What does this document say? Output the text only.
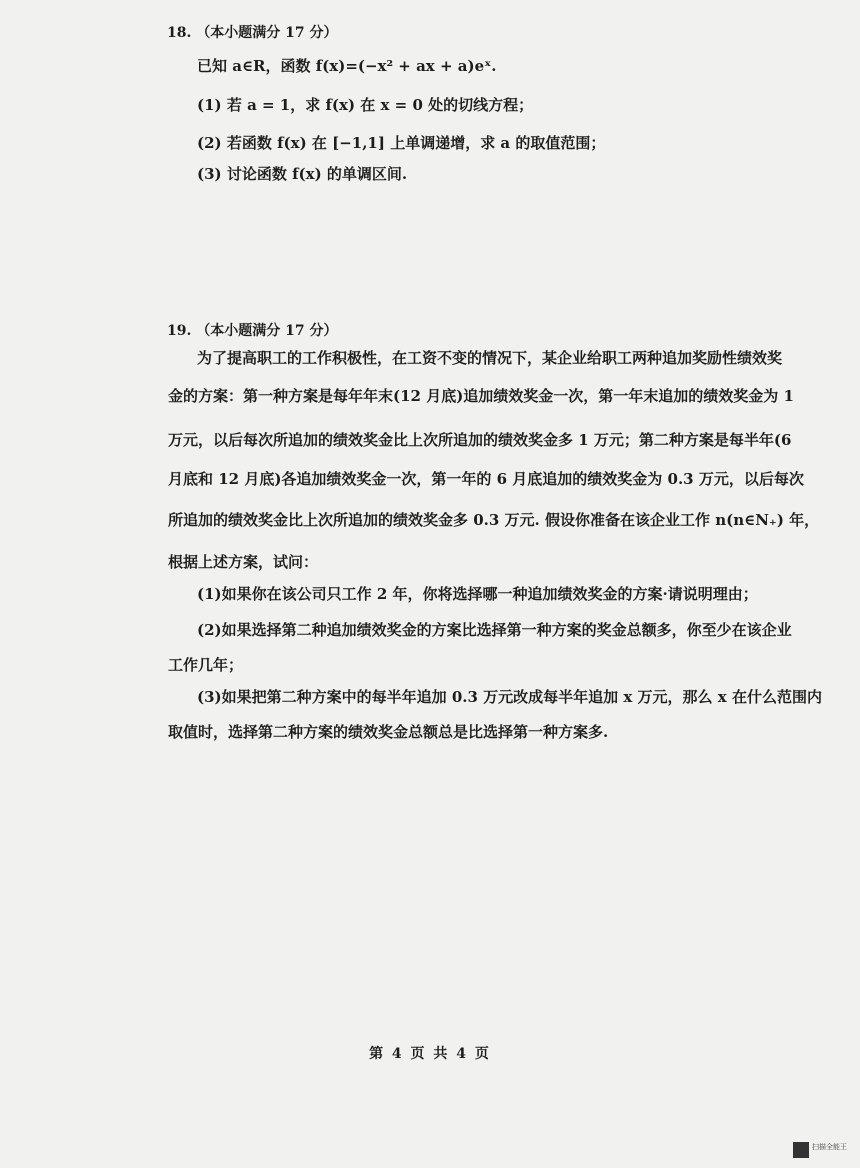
18. （本小题满分 17 分）
已知 a∈R，函数 f(x)=(−x² + ax + a)eˣ.
(1) 若 a = 1，求 f(x) 在 x = 0 处的切线方程；
(2) 若函数 f(x) 在 [−1,1] 上单调递增，求 a 的取值范围；
(3) 讨论函数 f(x) 的单调区间.
19. （本小题满分 17 分）
为了提高职工的工作积极性，在工资不变的情况下，某企业给职工两种追加奖励性绩效奖
金的方案：第一种方案是每年年末(12 月底)追加绩效奖金一次，第一年末追加的绩效奖金为 1
万元，以后每次所追加的绩效奖金比上次所追加的绩效奖金多 1 万元；第二种方案是每半年(6
月底和 12 月底)各追加绩效奖金一次，第一年的 6 月底追加的绩效奖金为 0.3 万元，以后每次
所追加的绩效奖金比上次所追加的绩效奖金多 0.3 万元. 假设你准备在该企业工作 n(n∈N₊) 年，
根据上述方案，试问：
(1)如果你在该公司只工作 2 年，你将选择哪一种追加绩效奖金的方案·请说明理由；
(2)如果选择第二种追加绩效奖金的方案比选择第一种方案的奖金总额多，你至少在该企业
工作几年；
(3)如果把第二种方案中的每半年追加 0.3 万元改成每半年追加 x 万元，那么 x 在什么范围内
取值时，选择第二种方案的绩效奖金总额总是比选择第一种方案多.
第 4 页 共 4 页
扫描全能王
